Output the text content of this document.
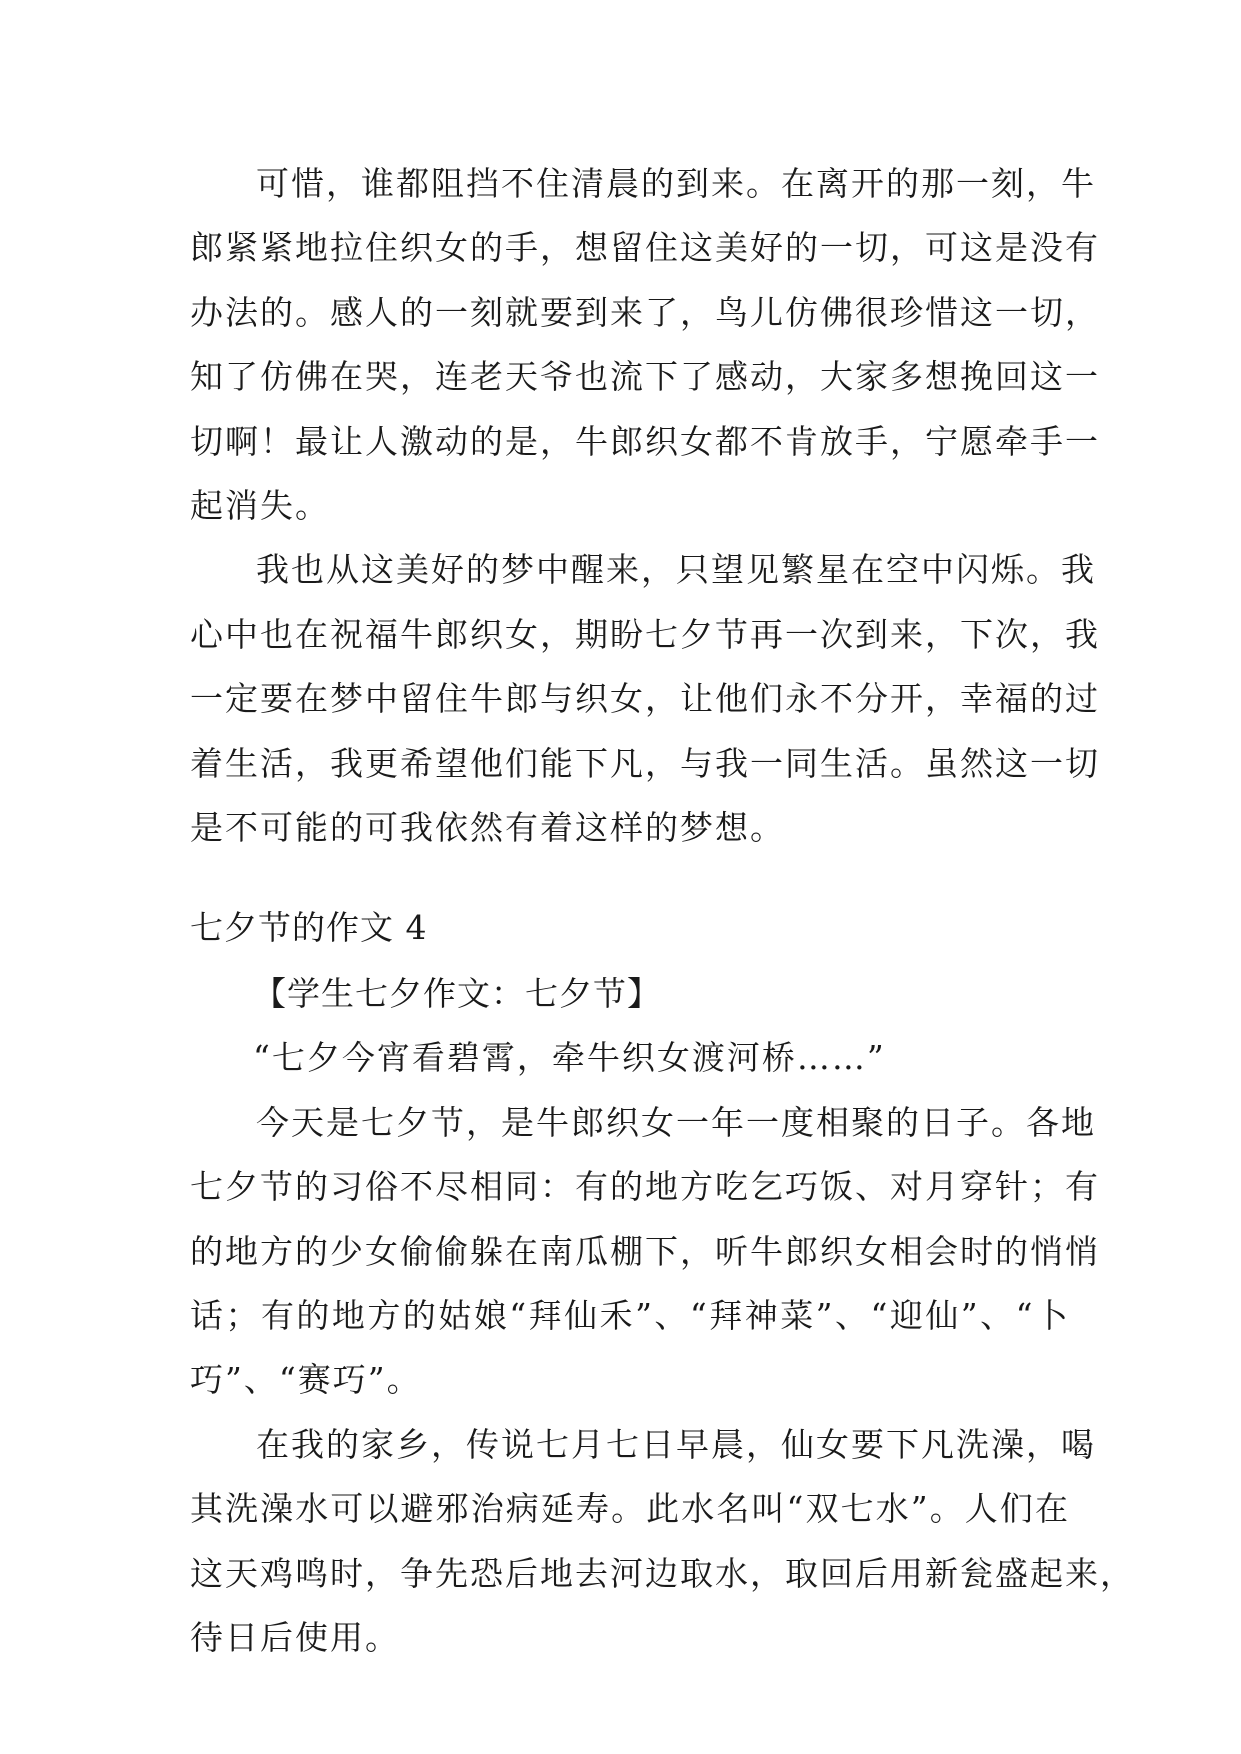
可惜，谁都阻挡不住清晨的到来。在离开的那一刻，牛

郎紧紧地拉住织女的手，想留住这美好的一切，可这是没有

办法的。感人的一刻就要到来了，鸟儿仿佛很珍惜这一切，

知了仿佛在哭，连老天爷也流下了感动，大家多想挽回这一

切啊！最让人激动的是，牛郎织女都不肯放手，宁愿牵手一

起消失。

我也从这美好的梦中醒来，只望见繁星在空中闪烁。我

心中也在祝福牛郎织女，期盼七夕节再一次到来，下次，我

一定要在梦中留住牛郎与织女，让他们永不分开，幸福的过

着生活，我更希望他们能下凡，与我一同生活。虽然这一切

是不可能的可我依然有着这样的梦想。

七夕节的作文 4

【学生七夕作文：七夕节】

“七夕今宵看碧霄，牵牛织女渡河桥……”

今天是七夕节，是牛郎织女一年一度相聚的日子。各地

七夕节的习俗不尽相同：有的地方吃乞巧饭、对月穿针；有

的地方的少女偷偷躲在南瓜棚下，听牛郎织女相会时的悄悄

话；有的地方的姑娘“拜仙禾”、“拜神菜”、“迎仙”、“卜

巧”、“赛巧”。

在我的家乡，传说七月七日早晨，仙女要下凡洗澡，喝

其洗澡水可以避邪治病延寿。此水名叫“双七水”。人们在

这天鸡鸣时，争先恐后地去河边取水，取回后用新瓮盛起来，

待日后使用。
